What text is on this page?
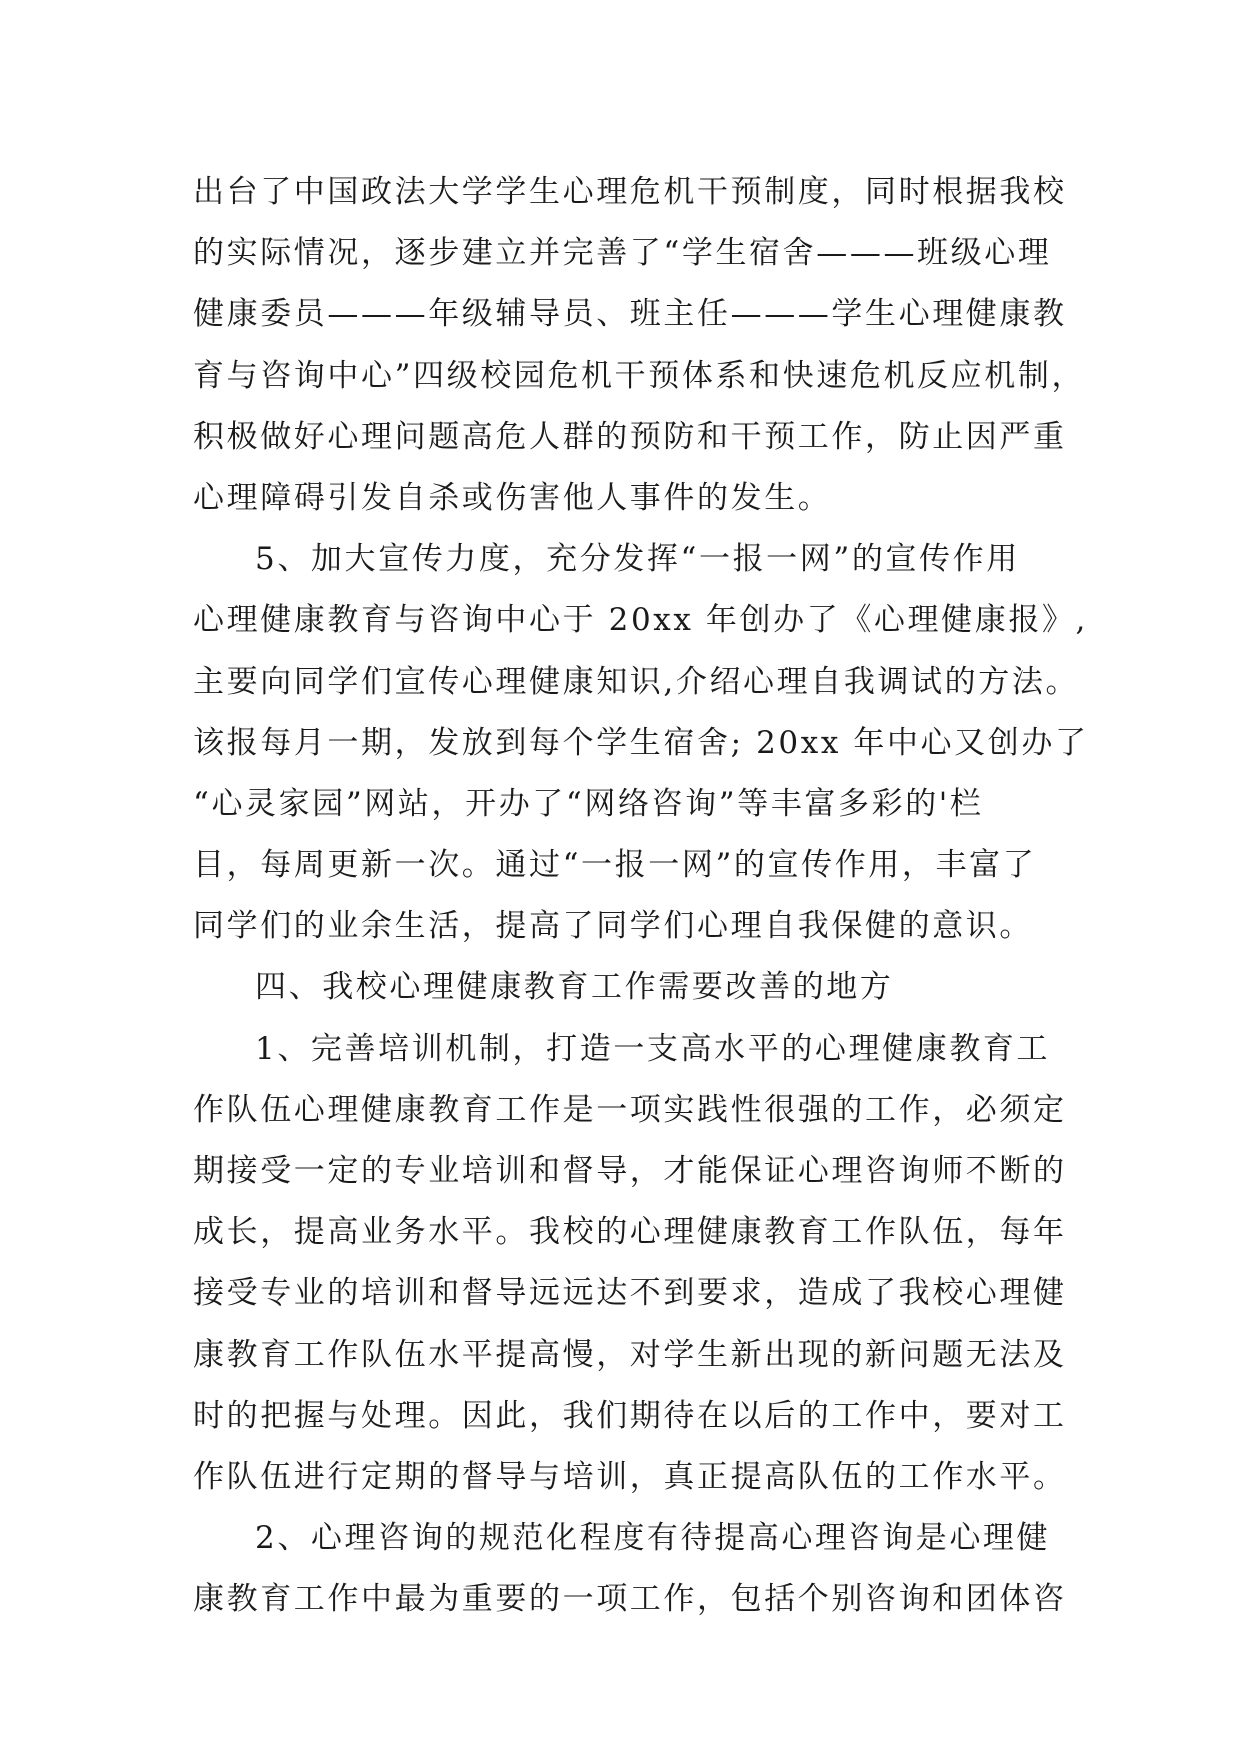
出台了中国政法大学学生心理危机干预制度，同时根据我校
的实际情况，逐步建立并完善了“学生宿舍———班级心理
健康委员———年级辅导员、班主任———学生心理健康教
育与咨询中心”四级校园危机干预体系和快速危机反应机制，
积极做好心理问题高危人群的预防和干预工作，防止因严重
心理障碍引发自杀或伤害他人事件的发生。
5、加大宣传力度，充分发挥“一报一网”的宣传作用
心理健康教育与咨询中心于 20xx 年创办了《心理健康报》,
主要向同学们宣传心理健康知识,介绍心理自我调试的方法。
该报每月一期，发放到每个学生宿舍; 20xx 年中心又创办了
“心灵家园”网站，开办了“网络咨询”等丰富多彩的'栏
目，每周更新一次。通过“一报一网”的宣传作用，丰富了
同学们的业余生活，提高了同学们心理自我保健的意识。
四、我校心理健康教育工作需要改善的地方
1、完善培训机制，打造一支高水平的心理健康教育工
作队伍心理健康教育工作是一项实践性很强的工作，必须定
期接受一定的专业培训和督导，才能保证心理咨询师不断的
成长，提高业务水平。我校的心理健康教育工作队伍，每年
接受专业的培训和督导远远达不到要求，造成了我校心理健
康教育工作队伍水平提高慢，对学生新出现的新问题无法及
时的把握与处理。因此，我们期待在以后的工作中，要对工
作队伍进行定期的督导与培训，真正提高队伍的工作水平。
2、心理咨询的规范化程度有待提高心理咨询是心理健
康教育工作中最为重要的一项工作，包括个别咨询和团体咨
